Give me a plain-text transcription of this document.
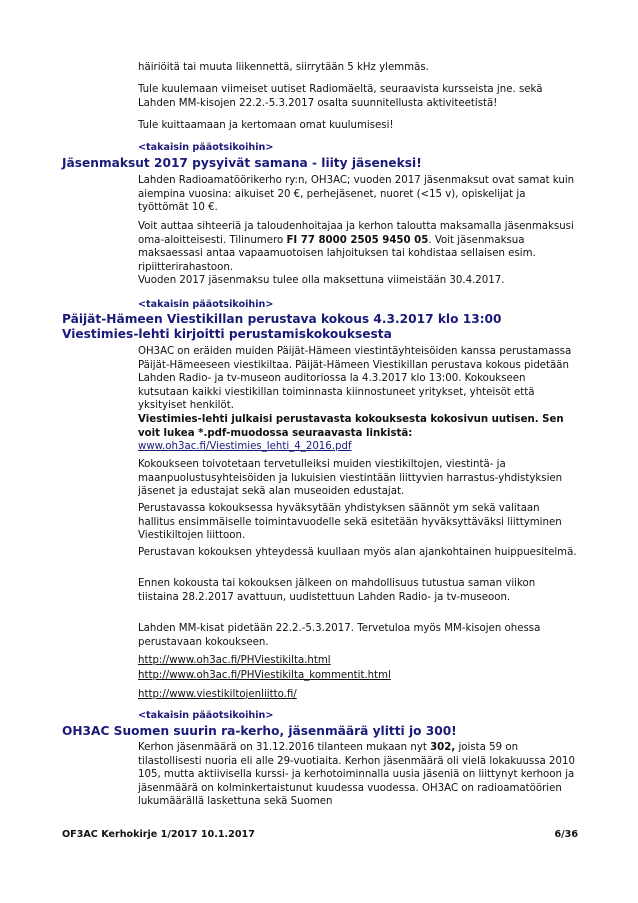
häiriöitä tai muuta liikennettä, siirrytään 5 kHz ylemmäs.

Tule kuulemaan viimeiset uutiset Radiomäeltä, seuraavista kursseista jne. sekä Lahden MM-kisojen 22.2.-5.3.2017 osalta suunnitellusta aktiviteetistä!

Tule kuittaamaan ja kertomaan omat kuulumisesi!

<takaisin pääotsikoihin>

Jäsenmaksut 2017 pysyivät samana - liity jäseneksi!

Lahden Radioamatöörikerho ry:n, OH3AC; vuoden 2017 jäsenmaksut ovat samat kuin aiempina vuosina: aikuiset 20 €, perhejäsenet, nuoret (<15 v), opiskelijat ja työttömät 10 €.

Voit auttaa sihteeriä ja taloudenhoitajaa ja kerhon taloutta maksamalla jäsenmaksusi oma-aloitteisesti. Tilinumero FI 77 8000 2505 9450 05. Voit jäsenmaksua maksaessasi antaa vapaamuotoisen lahjoituksen tai kohdistaa sellaisen esim. ripiitterirahastoon.

Vuoden 2017 jäsenmaksu tulee olla maksettuna viimeistään 30.4.2017.

<takaisin pääotsikoihin>

Päijät-Hämeen Viestikillan perustava kokous 4.3.2017 klo 13:00

Viestimies-lehti kirjoitti perustamiskokouksesta

OH3AC on eräiden muiden Päijät-Hämeen viestintäyhteisöiden kanssa perustamassa Päijät-Hämeeseen viestikiltaa. Päijät-Hämeen Viestikillan perustava kokous pidetään Lahden Radio- ja tv-museon auditoriossa la 4.3.2017 klo 13:00. Kokoukseen kutsutaan kaikki viestikillan toiminnasta kiinnostuneet yritykset, yhteisöt että yksityiset henkilöt.

Viestimies-lehti julkaisi perustavasta kokouksesta kokosivun uutisen. Sen voit lukea *.pdf-muodossa seuraavasta linkistä:

www.oh3ac.fi/Viestimies_lehti_4_2016.pdf

Kokoukseen toivotetaan tervetulleiksi muiden viestikiltojen, viestintä- ja maanpuolustusyhteisöiden ja lukuisien viestintään liittyvien harrastus-yhdistyksien jäsenet ja edustajat sekä alan museoiden edustajat.

Perustavassa kokouksessa hyväksytään yhdistyksen säännöt ym sekä valitaan hallitus ensimmäiselle toimintavuodelle sekä esitetään hyväksyttäväksi liittyminen Viestikiltojen liittoon.

Perustavan kokouksen yhteydessä kuullaan myös alan ajankohtainen huippuesitelmä.

Ennen kokousta tai kokouksen jälkeen on mahdollisuus tutustua saman viikon tiistaina 28.2.2017 avattuun, uudistettuun Lahden Radio- ja tv-museoon.

Lahden MM-kisat pidetään 22.2.-5.3.2017. Tervetuloa myös MM-kisojen ohessa perustavaan kokoukseen.

http://www.oh3ac.fi/PHViestikilta.html

http://www.oh3ac.fi/PHViestikilta_kommentit.html

http://www.viestikiltojenliitto.fi/

<takaisin pääotsikoihin>

OH3AC Suomen suurin ra-kerho, jäsenmäärä ylitti jo 300!

Kerhon jäsenmäärä on 31.12.2016 tilanteen mukaan nyt 302, joista 59 on tilastollisesti nuoria eli alle 29-vuotiaita. Kerhon jäsenmäärä oli vielä lokakuussa 2010 105, mutta aktiivisella kurssi- ja kerhotoiminnalla uusia jäseniä on liittynyt kerhoon ja jäsenmäärä on kolminkertaistunut kuudessa vuodessa. OH3AC on radioamatöörien lukumäärällä laskettuna sekä Suomen

OF3AC Kerhokirje 1/2017 10.1.2017	6/36
